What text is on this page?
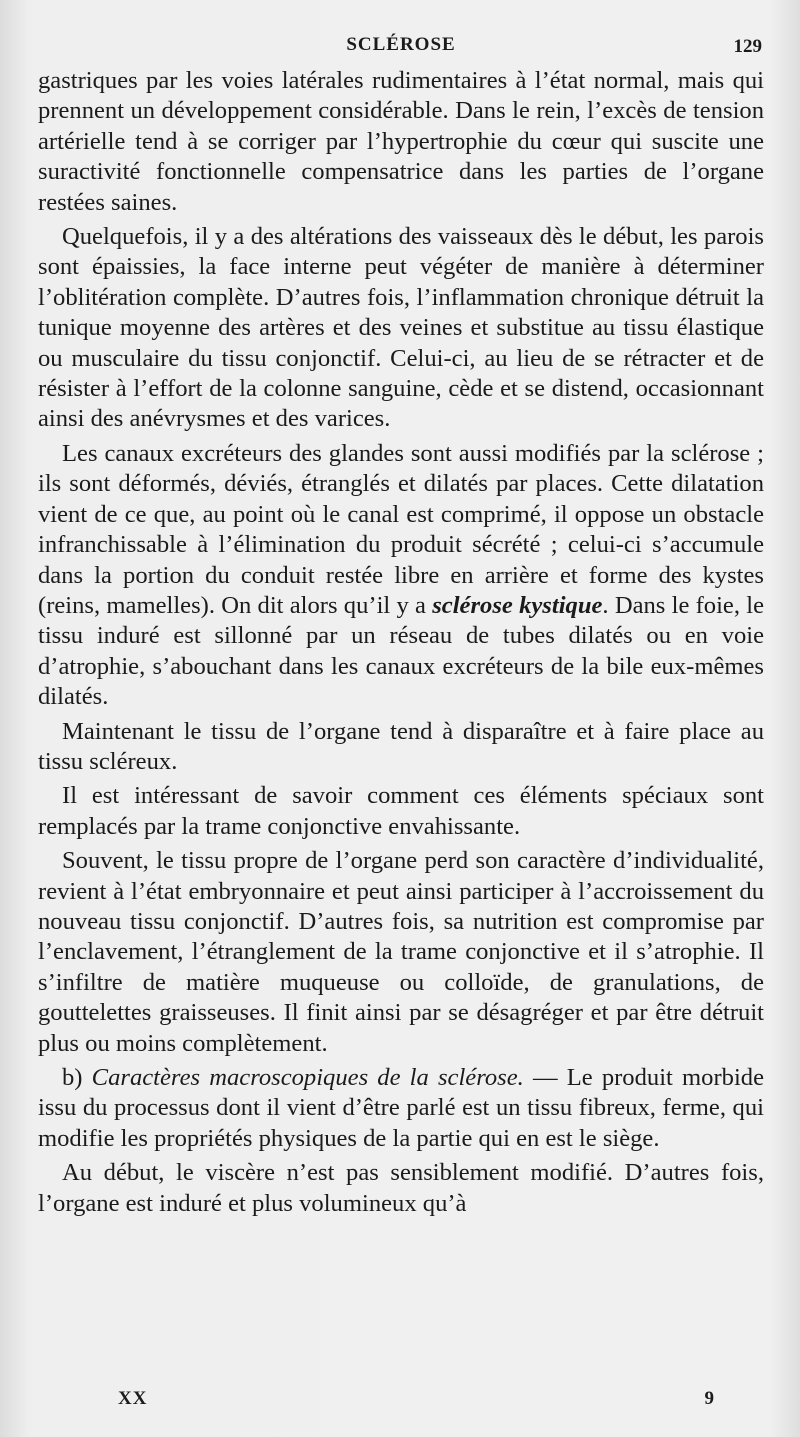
SCLÉROSE	129

gastriques par les voies latérales rudimentaires à l’état normal, mais qui prennent un développement considérable. Dans le rein, l’excès de tension artérielle tend à se corriger par l’hypertrophie du cœur qui suscite une suractivité fonctionnelle compensatrice dans les parties de l’organe restées saines.

Quelquefois, il y a des altérations des vaisseaux dès le début, les parois sont épaissies, la face interne peut végéter de manière à déterminer l’oblitération complète. D’autres fois, l’inflammation chronique détruit la tunique moyenne des artères et des veines et substitue au tissu élastique ou musculaire du tissu conjonctif. Celui-ci, au lieu de se rétracter et de résister à l’effort de la colonne sanguine, cède et se distend, occasionnant ainsi des anévrysmes et des varices.

Les canaux excréteurs des glandes sont aussi modifiés par la sclérose ; ils sont déformés, déviés, étranglés et dilatés par places. Cette dilatation vient de ce que, au point où le canal est comprimé, il oppose un obstacle infranchissable à l’élimination du produit sécrété ; celui-ci s’accumule dans la portion du conduit restée libre en arrière et forme des kystes (reins, mamelles). On dit alors qu’il y a sclérose kystique. Dans le foie, le tissu induré est sillonné par un réseau de tubes dilatés ou en voie d’atrophie, s’abouchant dans les canaux excréteurs de la bile eux-mêmes dilatés.

Maintenant le tissu de l’organe tend à disparaître et à faire place au tissu scléreux.

Il est intéressant de savoir comment ces éléments spéciaux sont remplacés par la trame conjonctive envahissante.

Souvent, le tissu propre de l’organe perd son caractère d’individualité, revient à l’état embryonnaire et peut ainsi participer à l’accroissement du nouveau tissu conjonctif. D’autres fois, sa nutrition est compromise par l’enclavement, l’étranglement de la trame conjonctive et il s’atrophie. Il s’infiltre de matière muqueuse ou colloïde, de granulations, de gouttelettes graisseuses. Il finit ainsi par se désagréger et par être détruit plus ou moins complètement.

b) Caractères macroscopiques de la sclérose. — Le produit morbide issu du processus dont il vient d’être parlé est un tissu fibreux, ferme, qui modifie les propriétés physiques de la partie qui en est le siège.

Au début, le viscère n’est pas sensiblement modifié. D’autres fois, l’organe est induré et plus volumineux qu’à

XX	9
